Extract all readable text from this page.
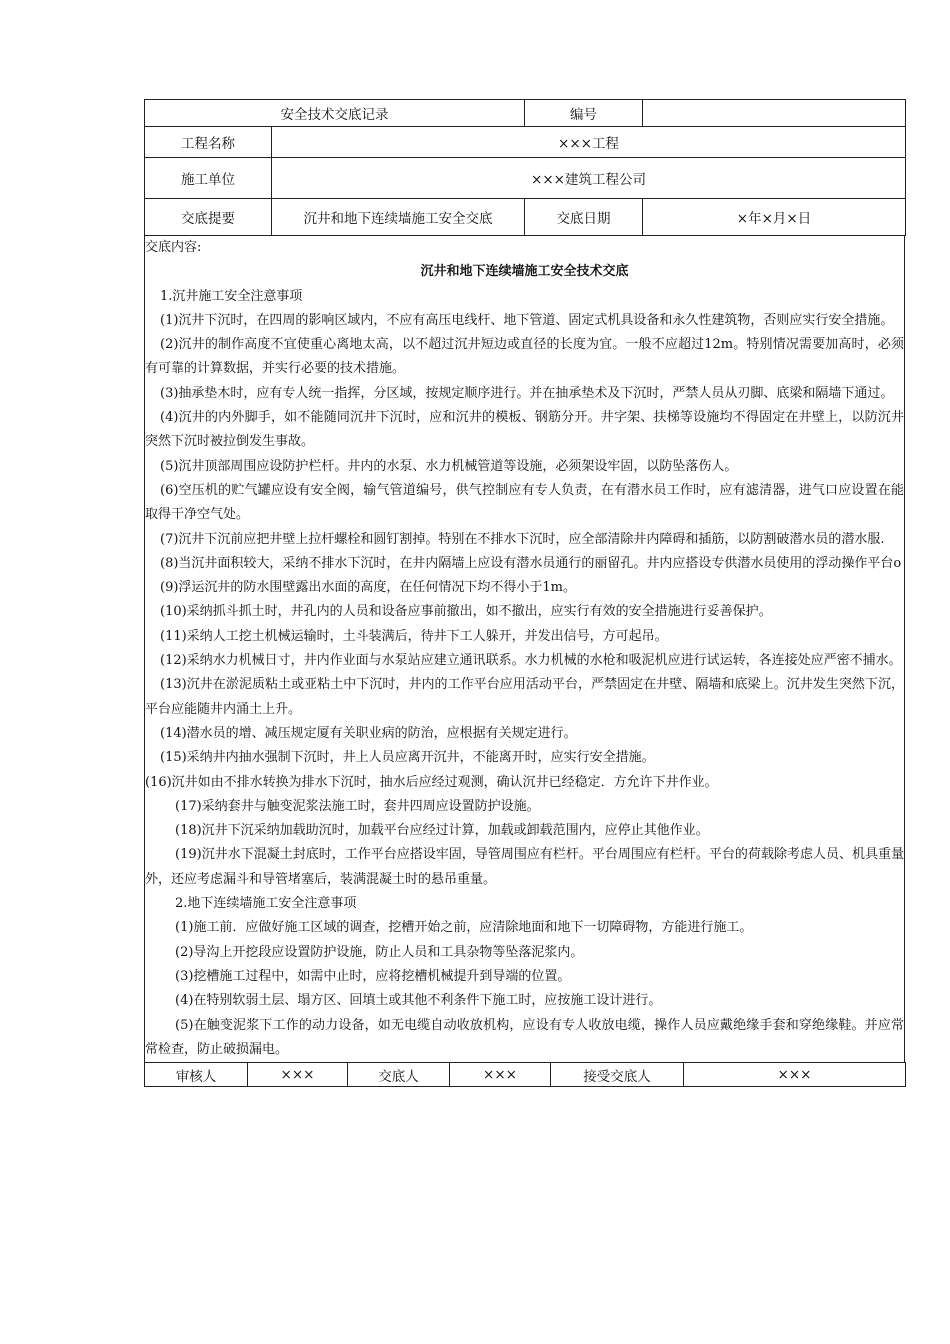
安全技术交底记录		编号	
工程名称	×××工程		
施工单位	×××建筑工程公司		
交底提要	沉井和地下连续墙施工安全交底	交底日期	×年×月×日

交底内容:

沉井和地下连续墙施工安全技术交底

1.沉井施工安全注意事项

(1)沉井下沉时，在四周的影响区域内，不应有高压电线杆、地下管道、固定式机具设备和永久性建筑物，否则应实行安全措施。

(2)沉井的制作高度不宜使重心离地太高，以不超过沉井短边或直径的长度为宜。一般不应超过12m。特别情况需要加高时，必须有可靠的计算数据，并实行必要的技术措施。

(3)抽承垫木时，应有专人统一指挥，分区域，按规定顺序进行。并在抽承垫术及下沉时，严禁人员从刃脚、底梁和隔墙下通过。

(4)沉井的内外脚手，如不能随同沉井下沉时，应和沉井的模板、钢筋分开。井字架、扶梯等设施均不得固定在井壁上，以防沉井突然下沉时被拉倒发生事故。

(5)沉井顶部周围应设防护栏杆。井内的水泵、水力机械管道等设施，必须架设牢固，以防坠落伤人。

(6)空压机的贮气罐应设有安全阀，输气管道编号，供气控制应有专人负责，在有潜水员工作时，应有滤清器，进气口应设置在能取得干净空气处。

(7)沉井下沉前应把井壁上拉杆螺栓和圆钉割掉。特别在不排水下沉时，应全部清除井内障碍和插筋，以防割破潜水员的潜水服.

(8)当沉井面积较大，采纳不排水下沉时，在井内隔墙上应设有潜水员通行的丽留孔。井内应搭设专供潜水员使用的浮动操作平台o

(9)浮运沉井的防水围壁露出水面的高度，在任何情况下均不得小于1m。

(10)采纳抓斗抓土时，井孔内的人员和设备应事前撤出，如不撤出，应实行有效的安全措施进行妥善保护。

(11)采纳人工挖土机械运输时，土斗装满后，待井下工人躲开，并发出信号，方可起吊。

(12)采纳水力机械日寸，井内作业面与水泵站应建立通讯联系。水力机械的水枪和吸泥机应进行试运转，各连接处应严密不捕水。

(13)沉井在淤泥质粘土或亚粘土中下沉时，井内的工作平台应用活动平台，严禁固定在井壁、隔墙和底梁上。沉井发生突然下沉，平台应能随井内涌土上升。

(14)潜水员的增、减压规定厦有关职业病的防治，应根据有关规定进行。

(15)采纳井内抽水强制下沉时，井上人员应离开沉井，不能离开时，应实行安全措施。

(16)沉井如由不排水转换为排水下沉时，抽水后应经过观测，确认沉井已经稳定．方允许下井作业。

(17)采纳套井与触变泥浆法施工时，套井四周应设置防护设施。

(18)沉井下沉采纳加载助沉时，加载平台应经过计算，加载或卸载范围内，应停止其他作业。

(19)沉井水下混凝土封底时，工作平台应搭设牢固，导管周围应有栏杆。平台周围应有栏杆。平台的荷载除考虑人员、机具重量外，还应考虑漏斗和导管堵塞后，装满混凝土时的悬吊重量。

2.地下连续墙施工安全注意事项

(1)施工前．应做好施工区域的调查，挖槽开始之前，应清除地面和地下一切障碍物，方能进行施工。

(2)导沟上开挖段应设置防护设施，防止人员和工具杂物等坠落泥浆内。

(3)挖槽施工过程中，如需中止时，应将挖槽机械提升到导端的位置。

(4)在特别软弱土层、塌方区、回填土或其他不利条件下施工时，应按施工设计进行。

(5)在触变泥浆下工作的动力设备，如无电缆自动收放机构，应设有专人收放电缆，操作人员应戴绝缘手套和穿绝缘鞋。并应常常检查，防止破损漏电。

审核人	×××	交底人	×××	接受交底人	×××
